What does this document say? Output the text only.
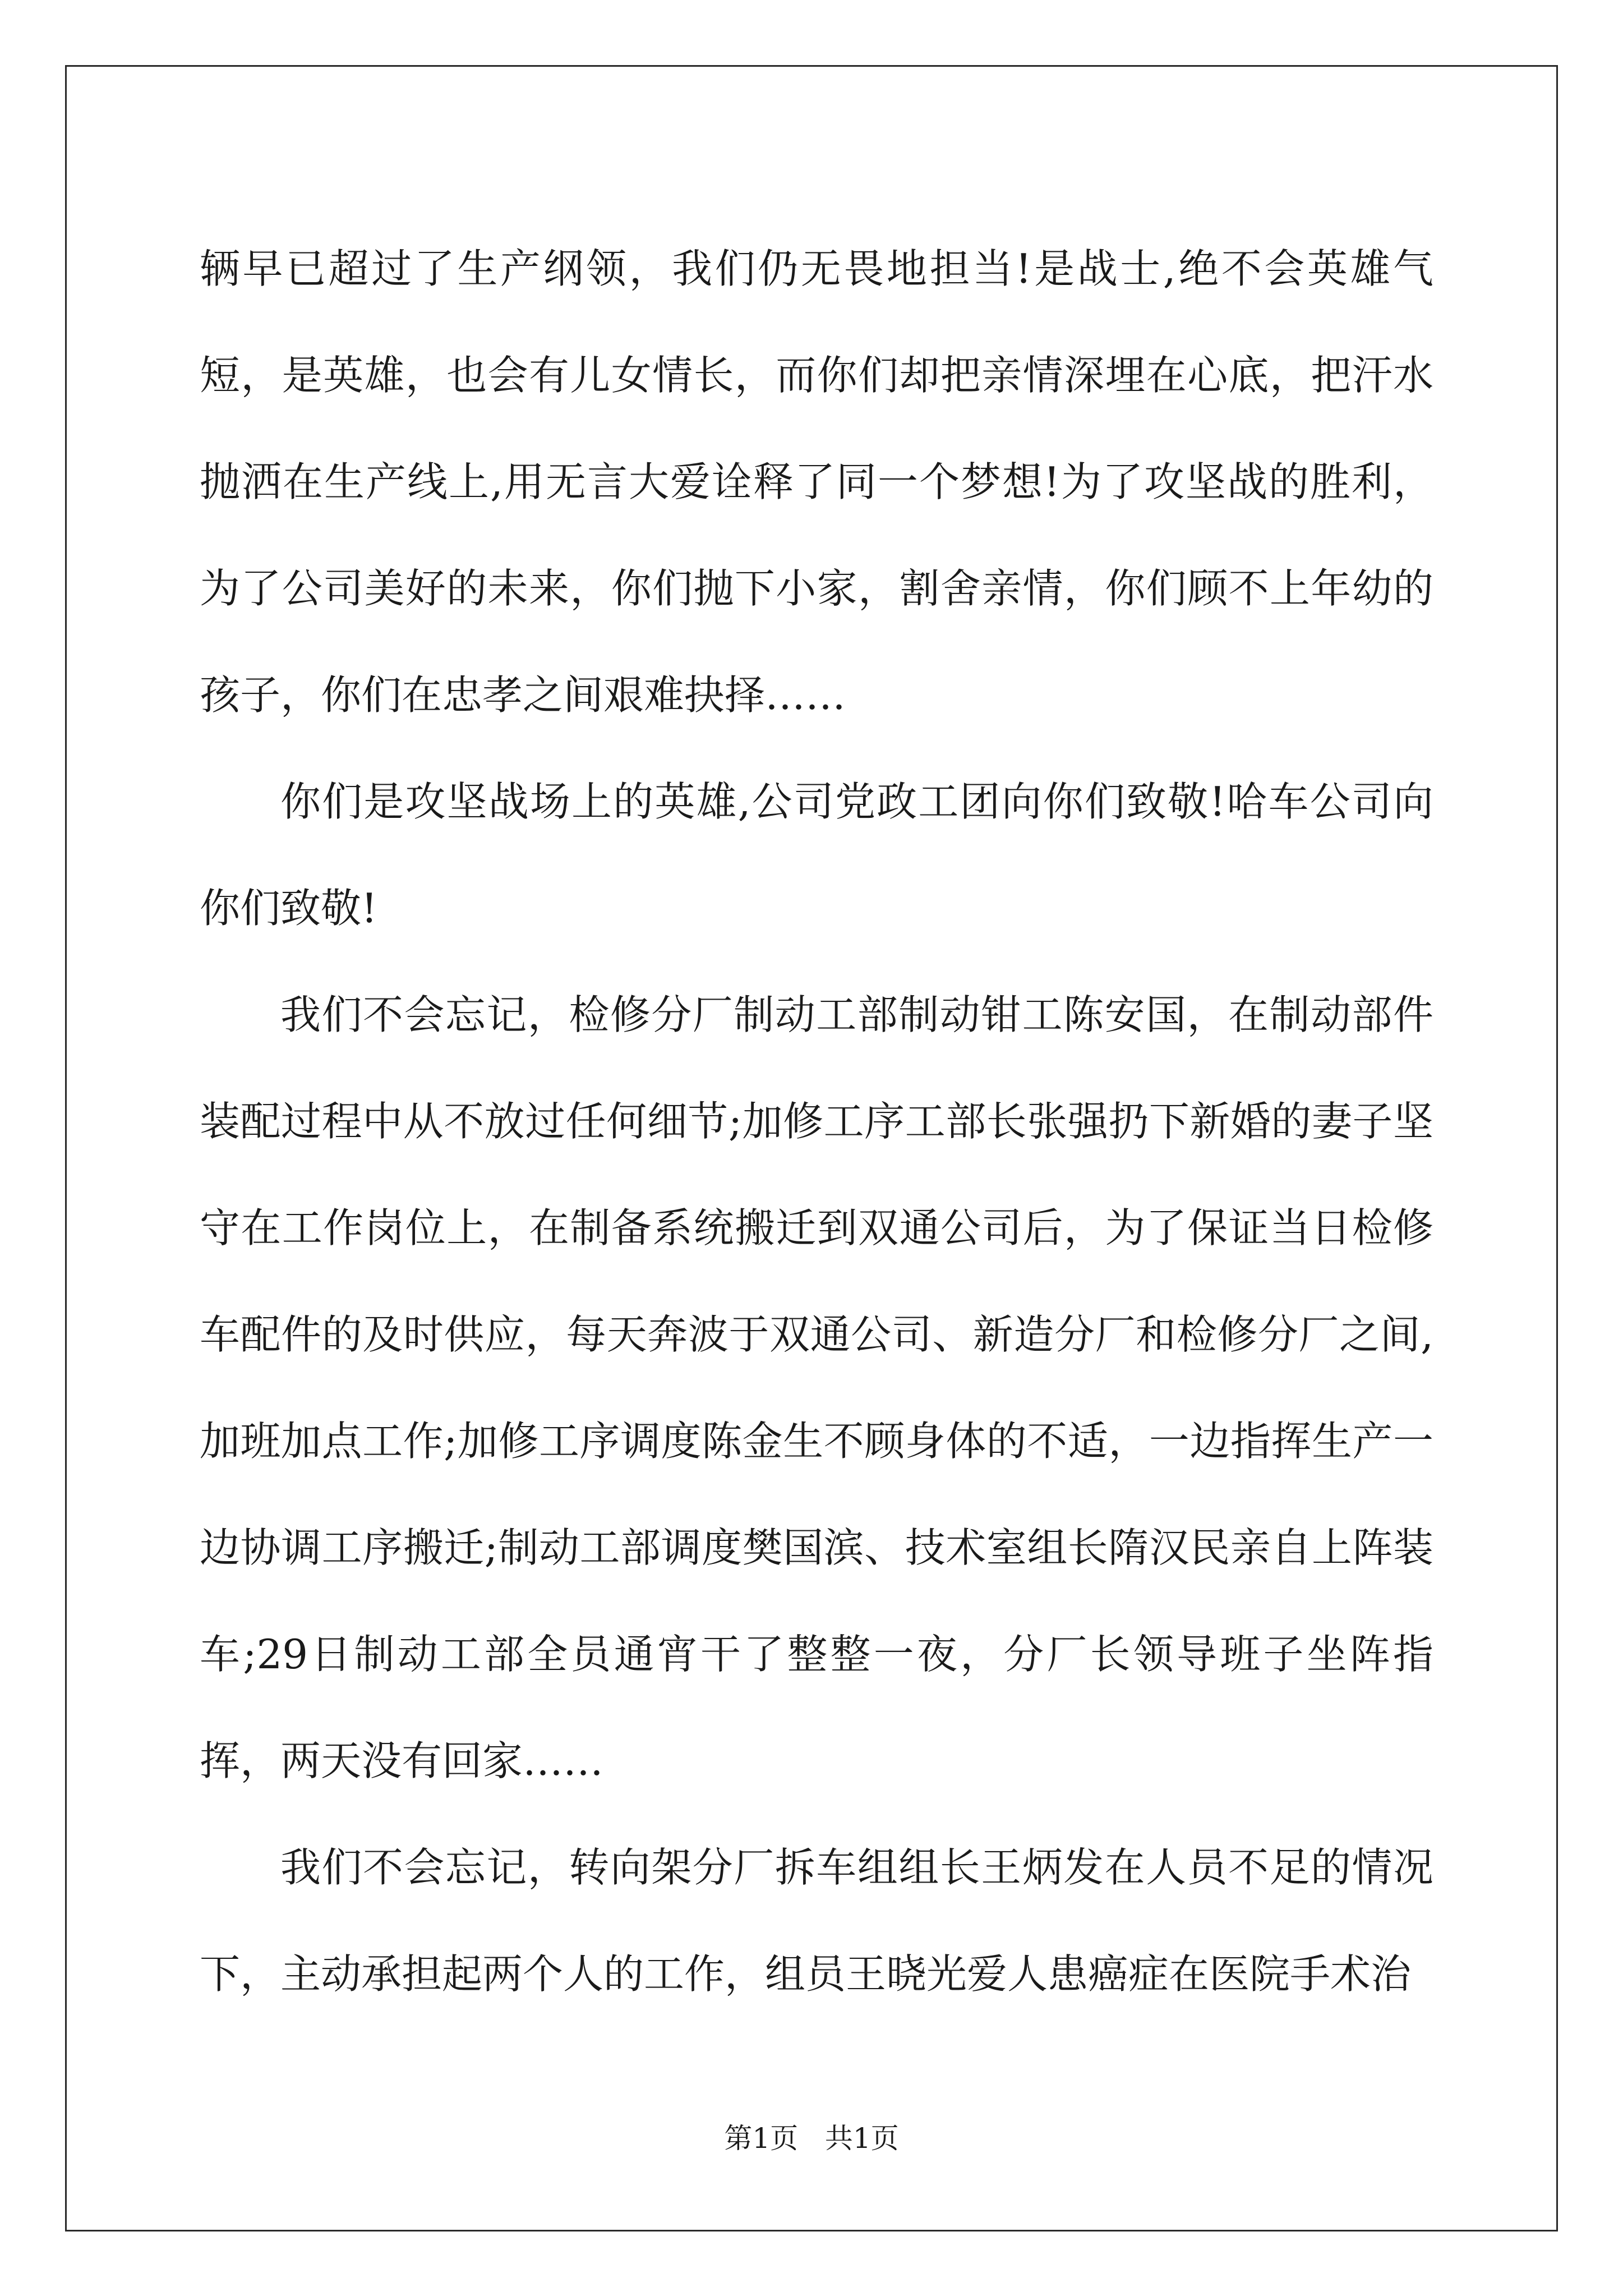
辆早已超过了生产纲领，我们仍无畏地担当!是战士,绝不会英雄气短，是英雄，也会有儿女情长，而你们却把亲情深埋在心底，把汗水抛洒在生产线上,用无言大爱诠释了同一个梦想!为了攻坚战的胜利，为了公司美好的未来，你们抛下小家，割舍亲情，你们顾不上年幼的孩子，你们在忠孝之间艰难抉择……

你们是攻坚战场上的英雄,公司党政工团向你们致敬!哈车公司向你们致敬!

我们不会忘记，检修分厂制动工部制动钳工陈安国，在制动部件装配过程中从不放过任何细节;加修工序工部长张强扔下新婚的妻子坚守在工作岗位上，在制备系统搬迁到双通公司后，为了保证当日检修车配件的及时供应，每天奔波于双通公司、新造分厂和检修分厂之间,加班加点工作;加修工序调度陈金生不顾身体的不适，一边指挥生产一边协调工序搬迁;制动工部调度樊国滨、技术室组长隋汉民亲自上阵装车;29日制动工部全员通宵干了整整一夜，分厂长领导班子坐阵指挥，两天没有回家……

我们不会忘记，转向架分厂拆车组组长王炳发在人员不足的情况下，主动承担起两个人的工作，组员王晓光爱人患癌症在医院手术治

第1页 共1页
